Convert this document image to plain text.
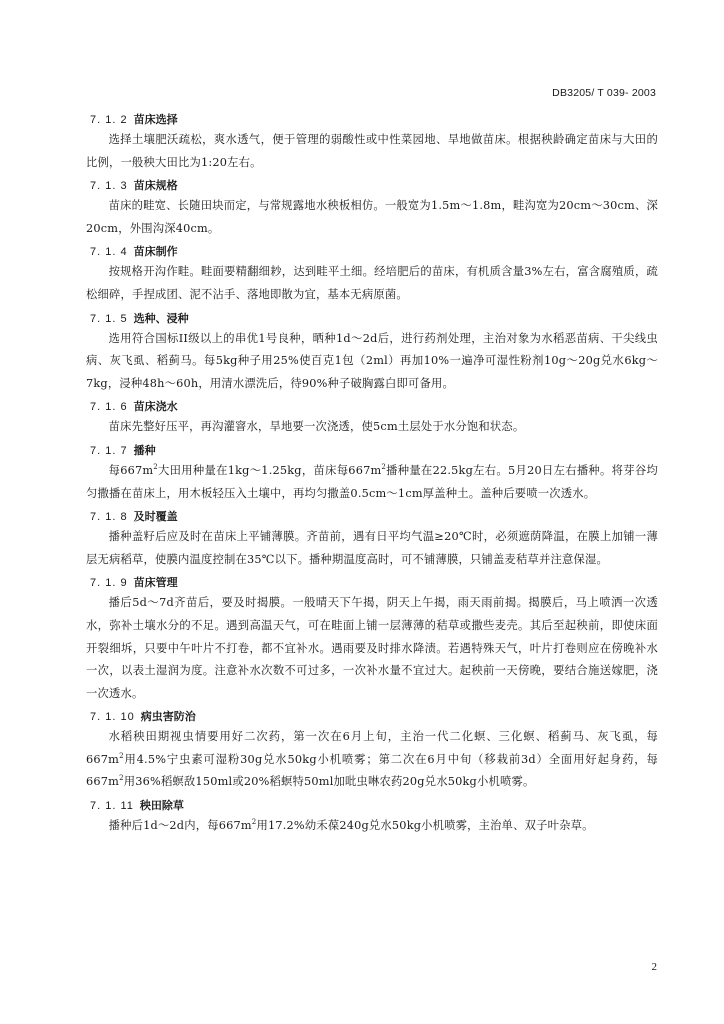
DB3205/ T 039- 2003
7. 1. 2 苗床选择

选择土壤肥沃疏松，爽水透气，便于管理的弱酸性或中性菜园地、旱地做苗床。根据秧龄确定苗床与大田的比例，一般秧大田比为1:20左右。

7. 1. 3 苗床规格

苗床的畦宽、长随田块而定，与常规露地水秧板相仿。一般宽为1.5m～1.8m，畦沟宽为20cm～30cm、深20cm，外围沟深40cm。

7. 1. 4 苗床制作

按规格开沟作畦。畦面要精翻细耖，达到畦平土细。经培肥后的苗床，有机质含量3%左右，富含腐殖质，疏松细碎，手捏成团、泥不沾手、落地即散为宜，基本无病原菌。

7. 1. 5 选种、浸种

选用符合国标II级以上的串优1号良种，晒种1d～2d后，进行药剂处理，主治对象为水稻恶苗病、干尖线虫病、灰飞虱、稻蓟马。每5kg种子用25%使百克1包（2ml）再加10%一遍净可湿性粉剂10g～20g兑水6kg～7kg，浸种48h～60h，用清水漂洗后，待90%种子破胸露白即可备用。

7. 1. 6 苗床浇水

苗床先整好压平，再沟灌窨水，旱地要一次浇透，使5cm土层处于水分饱和状态。

7. 1. 7 播种

每$667m^2$大田用种量在1kg～1.25kg，苗床每$667m^2$播种量在22.5kg左右。5月20日左右播种。将芽谷均匀撒播在苗床上，用木板轻压入土壤中，再均匀撒盖0.5cm～1cm厚盖种土。盖种后要喷一次透水。

7. 1. 8 及时覆盖

播种盖籽后应及时在苗床上平铺薄膜。齐苗前，遇有日平均气温≥20℃时，必须遮荫降温，在膜上加铺一薄层无病稻草，使膜内温度控制在35℃以下。播种期温度高时，可不铺薄膜，只铺盖麦秸草并注意保湿。

7. 1. 9 苗床管理

播后5d～7d齐苗后，要及时揭膜。一般晴天下午揭，阴天上午揭，雨天雨前揭。揭膜后，马上喷洒一次透水，弥补土壤水分的不足。遇到高温天气，可在畦面上铺一层薄薄的秸草或撒些麦壳。其后至起秧前，即使床面开裂细坼，只要中午叶片不打卷，都不宜补水。遇雨要及时排水降渍。若遇特殊天气，叶片打卷则应在傍晚补水一次，以表土湿润为度。注意补水次数不可过多，一次补水量不宜过大。起秧前一天傍晚，要结合施送嫁肥，浇一次透水。

7. 1. 10 病虫害防治

水稻秧田期视虫情要用好二次药，第一次在6月上旬，主治一代二化螟、三化螟、稻蓟马、灰飞虱，每$667m^2$用4.5%宁虫素可湿粉30g兑水50kg小机喷雾；第二次在6月中旬（移栽前3d）全面用好起身药，每$667m^2$用36%稻螟敌150ml或20%稻螟特50ml加吡虫啉农药20g兑水50kg小机喷雾。

7. 1. 11 秧田除草

播种后1d～2d内，每$667m^2$用17.2%幼禾葆240g兑水50kg小机喷雾，主治单、双子叶杂草。

2
